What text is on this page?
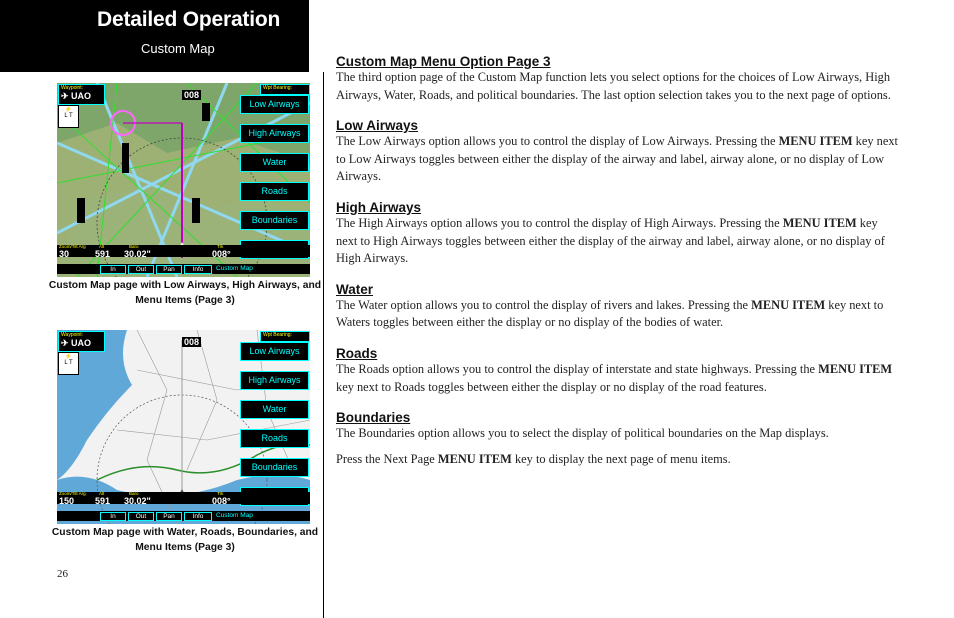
Detailed Operation
Custom Map
Waypoint:
✈ UAO	008
Wpt Bearing:
⚡
L T
Low Airways
High Airways
Water
Roads
Boundaries
Zoom/Tilt Arg
30
Alt
591
Baro
30.02"
Trk
008°
In	Out	Pan	Info	Custom Map
Custom Map page with Low Airways, High Airways, and Menu Items (Page 3)
Waypoint:
✈ UAO	008
Wpt Bearing:
⚡
L T
Low Airways
High Airways
Water
Roads
Boundaries
Zoom/Tilt Arg
150
Alt
591
Baro
30.02"
Trk
008°
In	Out	Pan	Info	Custom Map
Custom Map page with Water, Roads, Boundaries, and Menu Items (Page 3)
26
Custom Map Menu Option Page 3

The third option page of the Custom Map function lets you select options for the choices of Low Airways, High Airways, Water, Roads, and political boundaries. The last option selection takes you to the next page of options.

Low Airways

The Low Airways option allows you to control the display of Low Airways. Pressing the MENU ITEM key next to Low Airways toggles between either the display of the airway and label, airway alone, or no display of Low Airways.

High Airways

The High Airways option allows you to control the display of High Airways. Pressing the MENU ITEM key next to High Airways toggles between either the display of the airway and label, airway alone, or no display of High Airways.

Water

The Water option allows you to control the display of rivers and lakes. Pressing the MENU ITEM key next to Waters toggles between either the display or no display of the bodies of water.

Roads

The Roads option allows you to control the display of interstate and state highways. Pressing the MENU ITEM key next to Roads toggles between either the display or no display of the road features.

Boundaries

The Boundaries option allows you to select the display of political boundaries on the Map displays.

Press the Next Page MENU ITEM key to display the next page of menu items.
